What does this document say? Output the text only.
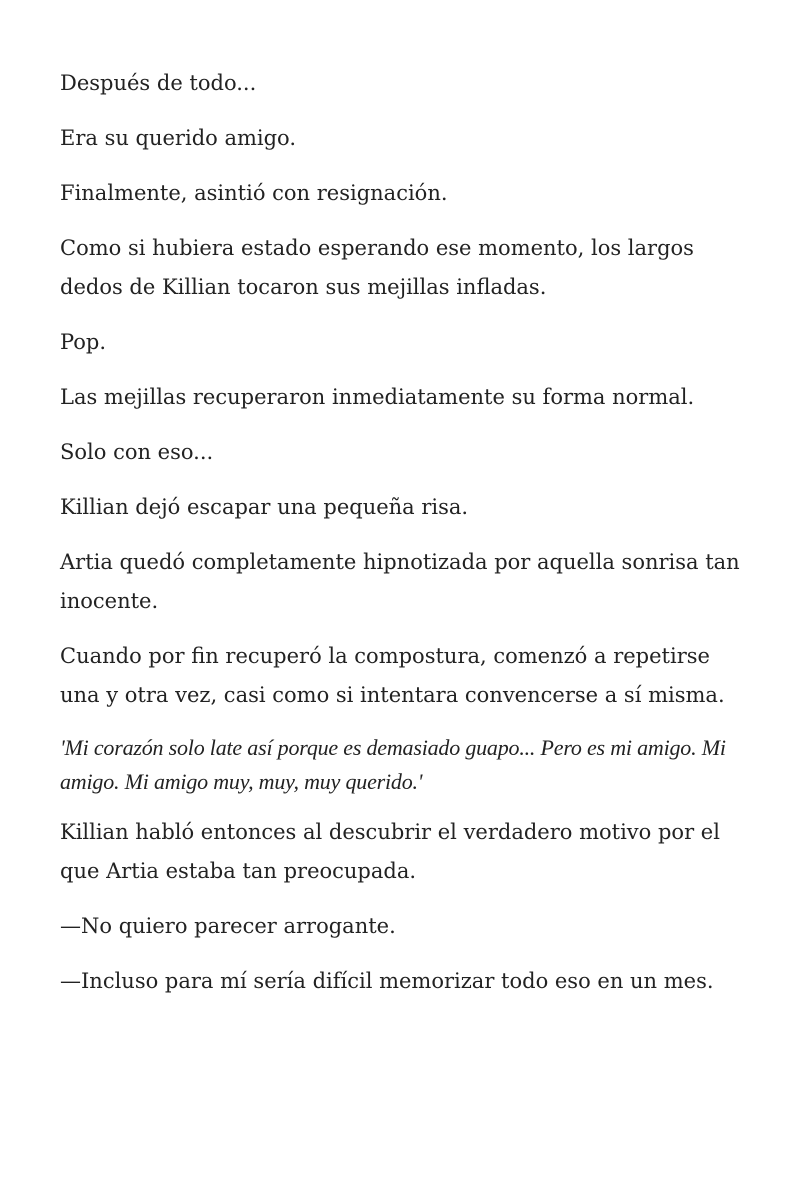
Después de todo...

Era su querido amigo.

Finalmente, asintió con resignación.

Como si hubiera estado esperando ese momento, los largos dedos de Killian tocaron sus mejillas infladas.

Pop.

Las mejillas recuperaron inmediatamente su forma normal.

Solo con eso...

Killian dejó escapar una pequeña risa.

Artia quedó completamente hipnotizada por aquella sonrisa tan inocente.

Cuando por fin recuperó la compostura, comenzó a repetirse una y otra vez, casi como si intentara convencerse a sí misma.

'Mi corazón solo late así porque es demasiado guapo... Pero es mi amigo. Mi amigo. Mi amigo muy, muy, muy querido.'

Killian habló entonces al descubrir el verdadero motivo por el que Artia estaba tan preocupada.

—No quiero parecer arrogante.

—Incluso para mí sería difícil memorizar todo eso en un mes.
